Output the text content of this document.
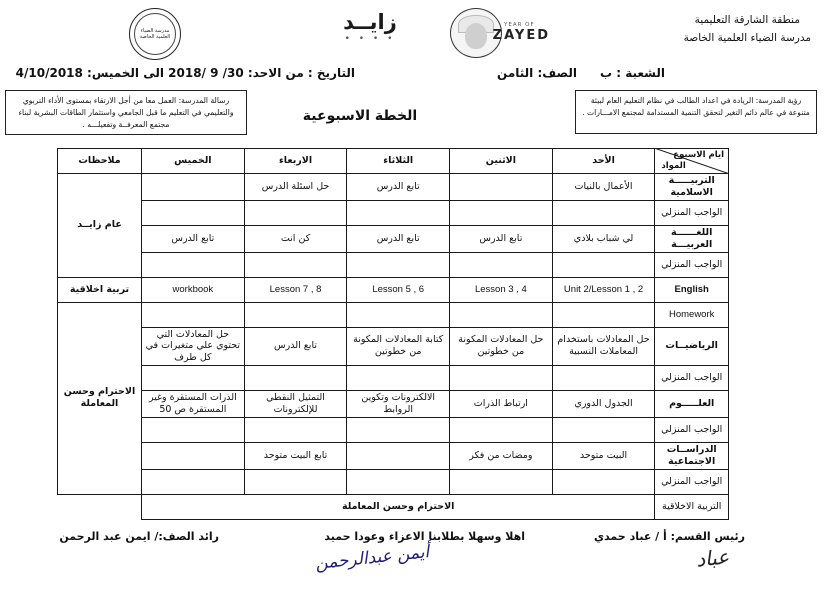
منطقة الشارقة التعليمية
مدرسة الضياء العلمية الخاصة
مدرسة الضياء العلمية الخاصة
زايــد
• • • •
YEAR OF
ZAYED
التاريخ : من الاحد: 30/ 9 /2018 الى الخميس: 4/10/2018	الصف: الثامن الشعبة : ب
رؤية المدرسة: الريادة في اعداد الطالب في نظام التعليم العام لبيئة متنوعة في عالم دائم التغير لتحقق التنمية المستدامة لمجتمع الامـــارات .
رسالة المدرسة: العمل معا من أجل الارتقاء بمستوى الأداء التربوي والتعليمي في التعليم ما قبل الجامعي واستثمار الطاقات البشرية لبناء مجتمع المعرفــة وتفعيلـــه .
الخطة الاسبوعية
ايام الاسبوع
المواد	الأحد	الاثنين	الثلاثاء	الاربعاء	الخميس	ملاحظات
التربيـــــة الاسلامية	الأعمال بالنيات		تابع الدرس	حل اسئلة الدرس		عام زايــد
الواجب المنزلي						
اللغــــــة العربيـــة	لي شباب بلادي	تابع الدرس	تابع الدرس	كن انت	تابع الدرس	
الواجب المنزلي						
English	Unit 2/Lesson 1 , 2	Lesson 3 , 4	Lesson 5 , 6	Lesson 7 , 8	workbook	تربية اخلاقية
Homework						الاحترام وحسن المعاملة
الرياضيــات	حل المعادلات باستخدام المعاملات النسبية	حل المعادلات المكونة من خطوتين	كتابة المعادلات المكونة من خطوتين	تابع الدرس	حل المعادلات التي تحتوي علي متغيرات في كل طرف	
الواجب المنزلي						
العلـــــوم	الجدول الدوري	ارتباط الذرات	الالكترونات وتكوين الروابط	التمثيل النقطي للإلكترونات	الذرات المستقرة وغير المستقرة ص 50	
الواجب المنزلي						
الدراســات الاجتماعية	البيت متوحد	ومضات من فكر		تابع البيت متوحد		
الواجب المنزلي						
التربية الاخلاقية	الاحترام وحسن المعاملة					
رائد الصف:/ ايمن عبد الرحمن	اهلا وسهلا بطلابنا الاعزاء وعودا حميد	رئيس القسم: أ / عباد حمدي
أيمن عبدالرحمن	عباد
